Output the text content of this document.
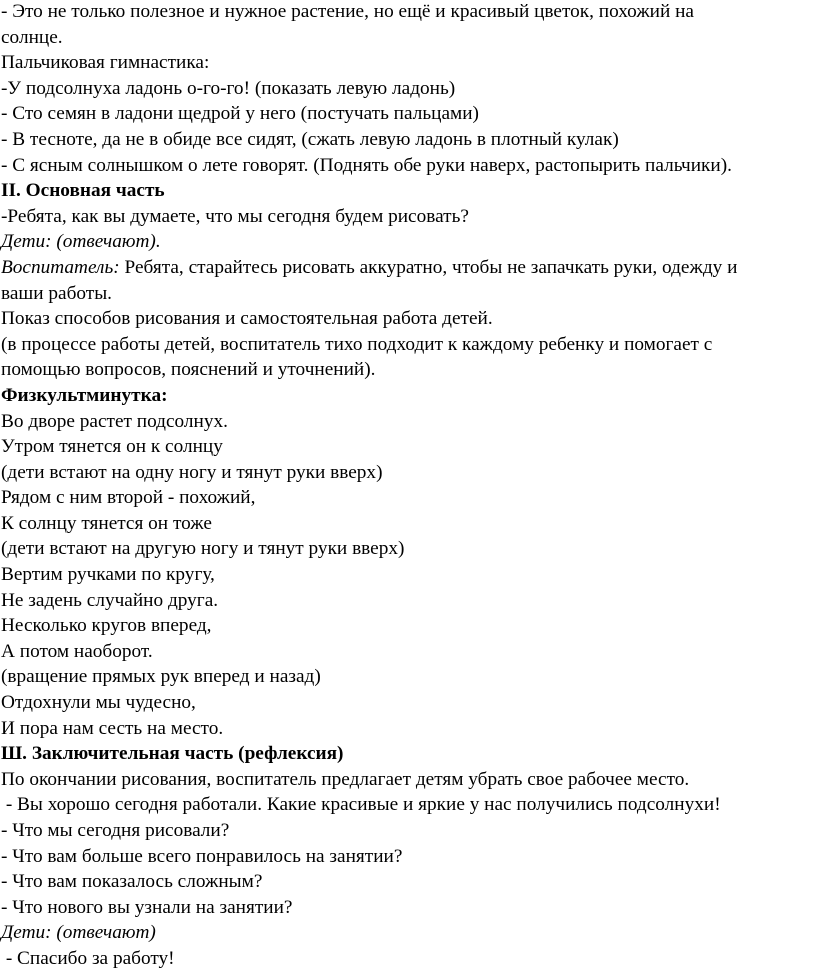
- Это не только полезное и нужное растение, но ещё и красивый цветок, похожий на

солнце.

Пальчиковая гимнастика:

-У подсолнуха ладонь о-го-го! (показать левую ладонь)

- Сто семян в ладони щедрой у него (постучать пальцами)

- В тесноте, да не в обиде все сидят, (сжать левую ладонь в плотный кулак)

- С ясным солнышком о лете говорят. (Поднять обе руки наверх, растопырить пальчики).

II. Основная часть

-Ребята, как вы думаете, что мы сегодня будем рисовать?

Дети: (отвечают).

Воспитатель: Ребята, старайтесь рисовать аккуратно, чтобы не запачкать руки, одежду и

ваши работы.

Показ способов рисования и самостоятельная работа детей.

(в процессе работы детей, воспитатель тихо подходит к каждому ребенку и помогает с

помощью вопросов, пояснений и уточнений).

Физкультминутка:

Во дворе растет подсолнух.

Утром тянется он к солнцу

(дети встают на одну ногу и тянут руки вверх)

Рядом с ним второй - похожий,

К солнцу тянется он тоже

(дети встают на другую ногу и тянут руки вверх)

Вертим ручками по кругу,

Не задень случайно друга.

Несколько кругов вперед,

А потом наоборот.

(вращение прямых рук вперед и назад)

Отдохнули мы чудесно,

И пора нам сесть на место.

Ш. Заключительная часть (рефлексия)

По окончании рисования, воспитатель предлагает детям убрать свое рабочее место.

- Вы хорошо сегодня работали. Какие красивые и яркие у нас получились подсолнухи!

- Что мы сегодня рисовали?

- Что вам больше всего понравилось на занятии?

- Что вам показалось сложным?

- Что нового вы узнали на занятии?

Дети: (отвечают)

- Спасибо за работу!
